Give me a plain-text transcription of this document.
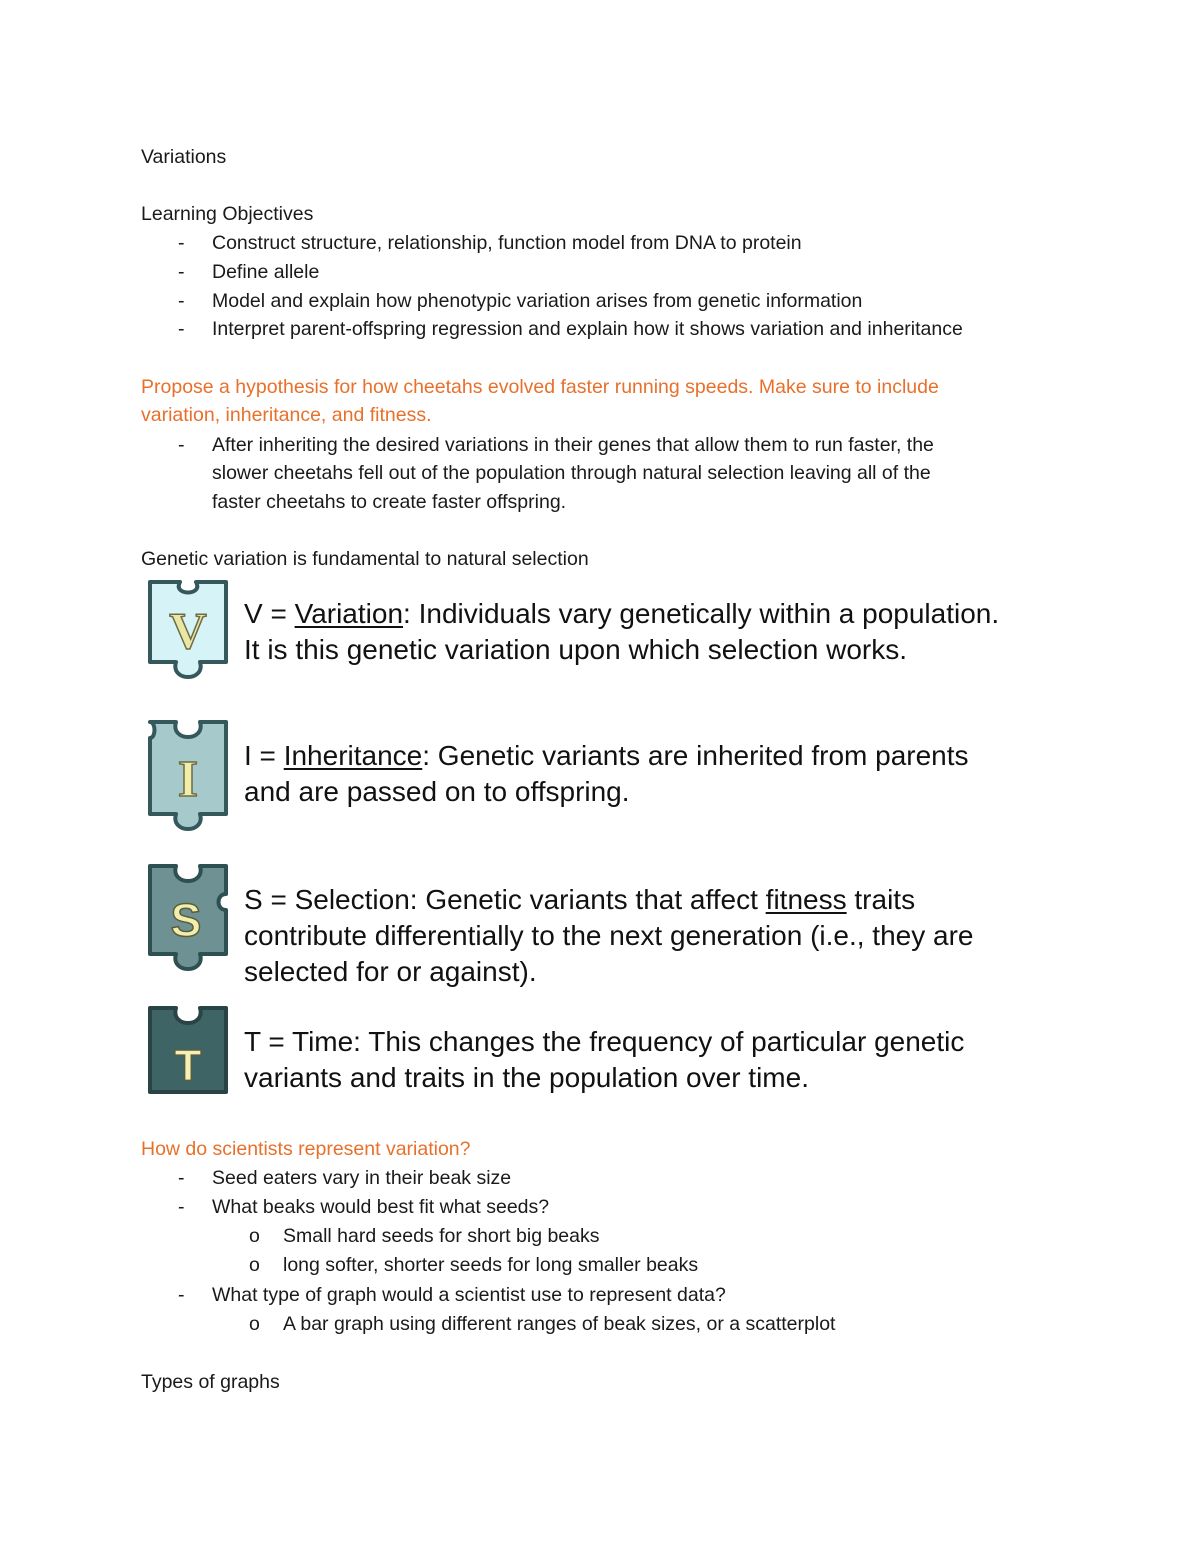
Variations
Learning Objectives
- Construct structure, relationship, function model from DNA to protein
- Define allele
- Model and explain how phenotypic variation arises from genetic information
- Interpret parent-offspring regression and explain how it shows variation and inheritance
Propose a hypothesis for how cheetahs evolved faster running speeds. Make sure to include
variation, inheritance, and fitness.
- After inheriting the desired variations in their genes that allow them to run faster, the
slower cheetahs fell out of the population through natural selection leaving all of the
faster cheetahs to create faster offspring.
Genetic variation is fundamental to natural selection
V V = Variation: Individuals vary genetically within a population.
It is this genetic variation upon which selection works.
I I = Inheritance: Genetic variants are inherited from parents
and are passed on to offspring.
S S = Selection: Genetic variants that affect fitness traits
contribute differentially to the next generation (i.e., they are
selected for or against).
T T = Time: This changes the frequency of particular genetic
variants and traits in the population over time.
How do scientists represent variation?
- Seed eaters vary in their beak size
- What beaks would best fit what seeds?
o Small hard seeds for short big beaks
o long softer, shorter seeds for long smaller beaks
- What type of graph would a scientist use to represent data?
o A bar graph using different ranges of beak sizes, or a scatterplot
Types of graphs
